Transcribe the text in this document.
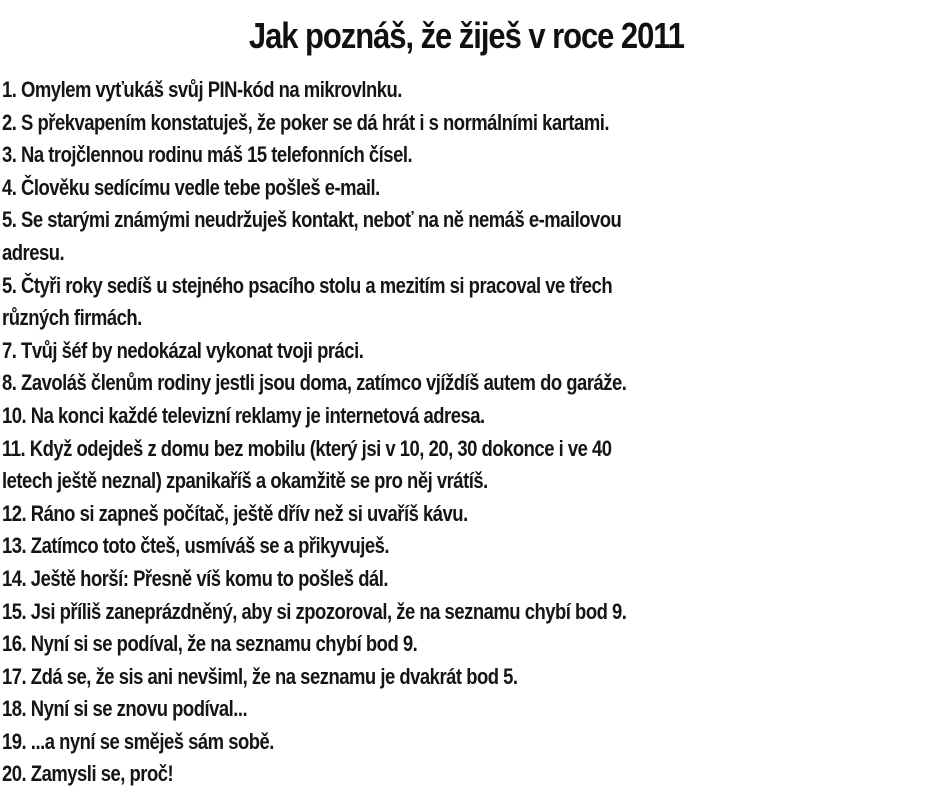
Jak poznáš, že žiješ v roce 2011
1. Omylem vyťukáš svůj PIN-kód na mikrovlnku.
2. S překvapením konstatuješ, že poker se dá hrát i s normálními kartami.
3. Na trojčlennou rodinu máš 15 telefonních čísel.
4. Člověku sedícímu vedle tebe pošleš e-mail.
5. Se starými známými neudržuješ kontakt, neboť na ně nemáš e-mailovou
adresu.
5. Čtyři roky sedíš u stejného psacího stolu a mezitím si pracoval ve třech
různých firmách.
7. Tvůj šéf by nedokázal vykonat tvoji práci.
8. Zavoláš členům rodiny jestli jsou doma, zatímco vjíždíš autem do garáže.
10. Na konci každé televizní reklamy je internetová adresa.
11. Když odejdeš z domu bez mobilu (který jsi v 10, 20, 30 dokonce i ve 40
letech ještě neznal) zpanikaříš a okamžitě se pro něj vrátíš.
12. Ráno si zapneš počítač, ještě dřív než si uvaříš kávu.
13. Zatímco toto čteš, usmíváš se a přikyvuješ.
14. Ještě horší: Přesně víš komu to pošleš dál.
15. Jsi příliš zaneprázdněný, aby si zpozoroval, že na seznamu chybí bod 9.
16. Nyní si se podíval, že na seznamu chybí bod 9.
17. Zdá se, že sis ani nevšiml, že na seznamu je dvakrát bod 5.
18. Nyní si se znovu podíval...
19. ...a nyní se směješ sám sobě.
20. Zamysli se, proč!
